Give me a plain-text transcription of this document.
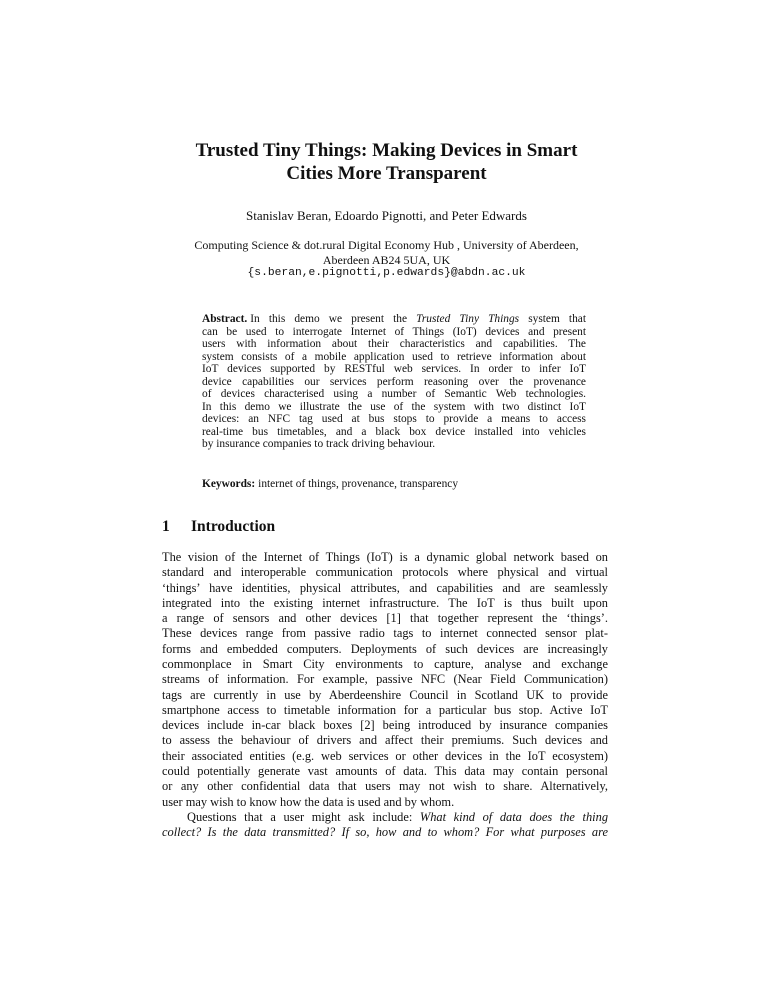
Trusted Tiny Things: Making Devices in Smart
Cities More Transparent
Stanislav Beran, Edoardo Pignotti, and Peter Edwards
Computing Science & dot.rural Digital Economy Hub , University of Aberdeen,
Aberdeen AB24 5UA, UK
{s.beran,e.pignotti,p.edwards}@abdn.ac.uk
Abstract. In this demo we present the Trusted Tiny Things system that
can be used to interrogate Internet of Things (IoT) devices and present
users with information about their characteristics and capabilities. The
system consists of a mobile application used to retrieve information about
IoT devices supported by RESTful web services. In order to infer IoT
device capabilities our services perform reasoning over the provenance
of devices characterised using a number of Semantic Web technologies.
In this demo we illustrate the use of the system with two distinct IoT
devices: an NFC tag used at bus stops to provide a means to access
real-time bus timetables, and a black box device installed into vehicles
by insurance companies to track driving behaviour.
Keywords: internet of things, provenance, transparency
1 Introduction
The vision of the Internet of Things (IoT) is a dynamic global network based on
standard and interoperable communication protocols where physical and virtual
‘things’ have identities, physical attributes, and capabilities and are seamlessly
integrated into the existing internet infrastructure. The IoT is thus built upon
a range of sensors and other devices [1] that together represent the ‘things’.
These devices range from passive radio tags to internet connected sensor plat-
forms and embedded computers. Deployments of such devices are increasingly
commonplace in Smart City environments to capture, analyse and exchange
streams of information. For example, passive NFC (Near Field Communication)
tags are currently in use by Aberdeenshire Council in Scotland UK to provide
smartphone access to timetable information for a particular bus stop. Active IoT
devices include in-car black boxes [2] being introduced by insurance companies
to assess the behaviour of drivers and affect their premiums. Such devices and
their associated entities (e.g. web services or other devices in the IoT ecosystem)
could potentially generate vast amounts of data. This data may contain personal
or any other confidential data that users may not wish to share. Alternatively,
user may wish to know how the data is used and by whom.
Questions that a user might ask include: What kind of data does the thing
collect? Is the data transmitted? If so, how and to whom? For what purposes are
